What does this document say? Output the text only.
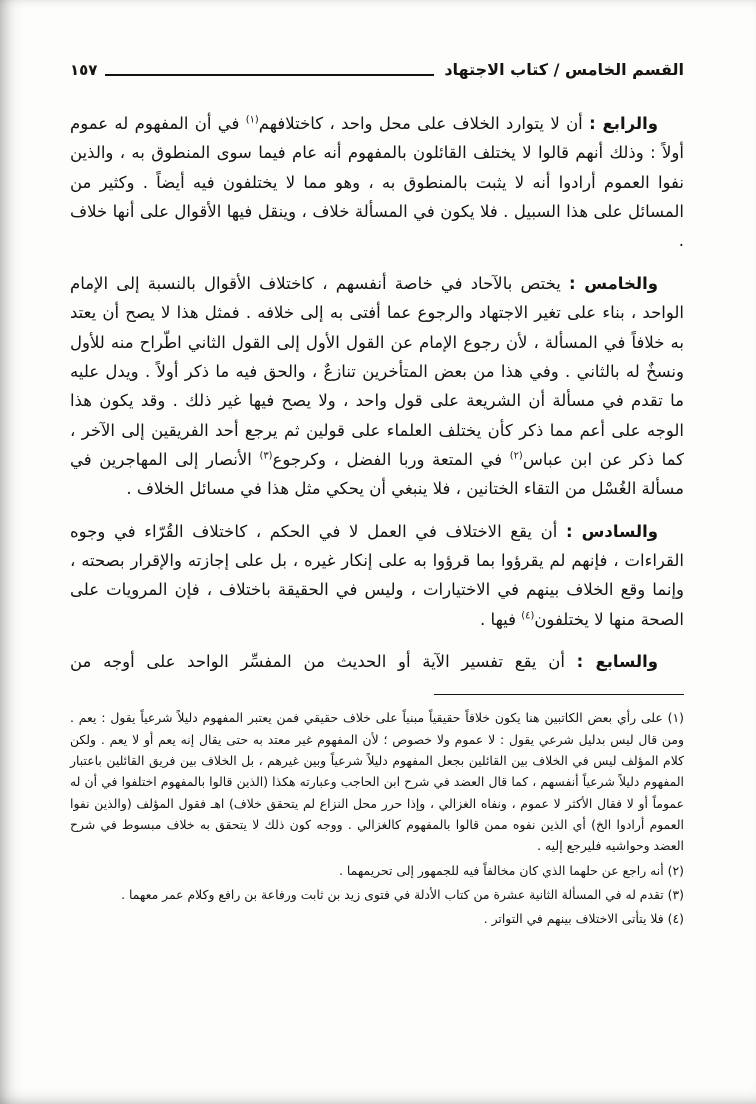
القسم الخامس / كتاب الاجتهاد
١٥٧

والرابع : أن لا يتوارد الخلاف على محل واحد ، كاختلافهم$^{(١)}$ في أن المفهوم له عموم أولاً : وذلك أنهم قالوا لا يختلف القائلون بالمفهوم أنه عام فيما سوى المنطوق به ، والذين نفوا العموم أرادوا أنه لا يثبت بالمنطوق به ، وهو مما لا يختلفون فيه أيضاً . وكثير من المسائل على هذا السبيل . فلا يكون في المسألة خلاف ، وينقل فيها الأقوال على أنها خلاف .

والخامس : يختص بالآحاد في خاصة أنفسهم ، كاختلاف الأقوال بالنسبة إلى الإمام الواحد ، بناء على تغير الاجتهاد والرجوع عما أفتى به إلى خلافه . فمثل هذا لا يصح أن يعتد به خلافاً في المسألة ، لأن رجوع الإمام عن القول الأول إلى القول الثاني اطّراح منه للأول ونسخٌ له بالثاني . وفي هذا من بعض المتأخرين تنازعٌ ، والحق فيه ما ذكر أولاً . ويدل عليه ما تقدم في مسألة أن الشريعة على قول واحد ، ولا يصح فيها غير ذلك . وقد يكون هذا الوجه على أعم مما ذكر كأن يختلف العلماء على قولين ثم يرجع أحد الفريقين إلى الآخر ، كما ذكر عن ابن عباس$^{(٢)}$ في المتعة وربا الفضل ، وكرجوع$^{(٣)}$ الأنصار إلى المهاجرين في مسألة الغُسْل من التقاء الختانين ، فلا ينبغي أن يحكي مثل هذا في مسائل الخلاف .

والسادس : أن يقع الاختلاف في العمل لا في الحكم ، كاختلاف القُرّاء في وجوه القراءات ، فإنهم لم يقرؤوا بما قرؤوا به على إنكار غيره ، بل على إجازته والإقرار بصحته ، وإنما وقع الخلاف بينهم في الاختيارات ، وليس في الحقيقة باختلاف ، فإن المرويات على الصحة منها لا يختلفون$^{(٤)}$ فيها .

والسابع : أن يقع تفسير الآية أو الحديث من المفسِّر الواحد على أوجه من

(١) على رأي بعض الكاتبين هنا يكون خلافاً حقيقياً مبنياً على خلاف حقيقي فمن يعتبر المفهوم دليلاً شرعياً يقول : يعم . ومن قال ليس بدليل شرعي يقول : لا عموم ولا خصوص ؛ لأن المفهوم غير معتد به حتى يقال إنه يعم أو لا يعم . ولكن كلام المؤلف ليس في الخلاف بين القائلين بجعل المفهوم دليلاً شرعياً وبين غيرهم ، بل الخلاف بين فريق القائلين باعتبار المفهوم دليلاً شرعياً أنفسهم ، كما قال العضد في شرح ابن الحاجب وعبارته هكذا (الذين قالوا بالمفهوم اختلفوا في أن له عموماً أو لا فقال الأكثر لا عموم ، ونفاه الغزالي ، وإذا حرر محل النزاع لم يتحقق خلاف) اهـ فقول المؤلف (والذين نفوا العموم أرادوا الخ) أي الذين نفوه ممن قالوا بالمفهوم كالغزالي . ووجه كون ذلك لا يتحقق به خلاف مبسوط في شرح العضد وحواشيه فليرجع إليه .

(٢) أنه راجع عن حلهما الذي كان مخالفاً فيه للجمهور إلى تحريمهما .

(٣) تقدم له في المسألة الثانية عشرة من كتاب الأدلة في فتوى زيد بن ثابت ورفاعة بن رافع وكلام عمر معهما .

(٤) فلا يتأتى الاختلاف بينهم في التواتر .
